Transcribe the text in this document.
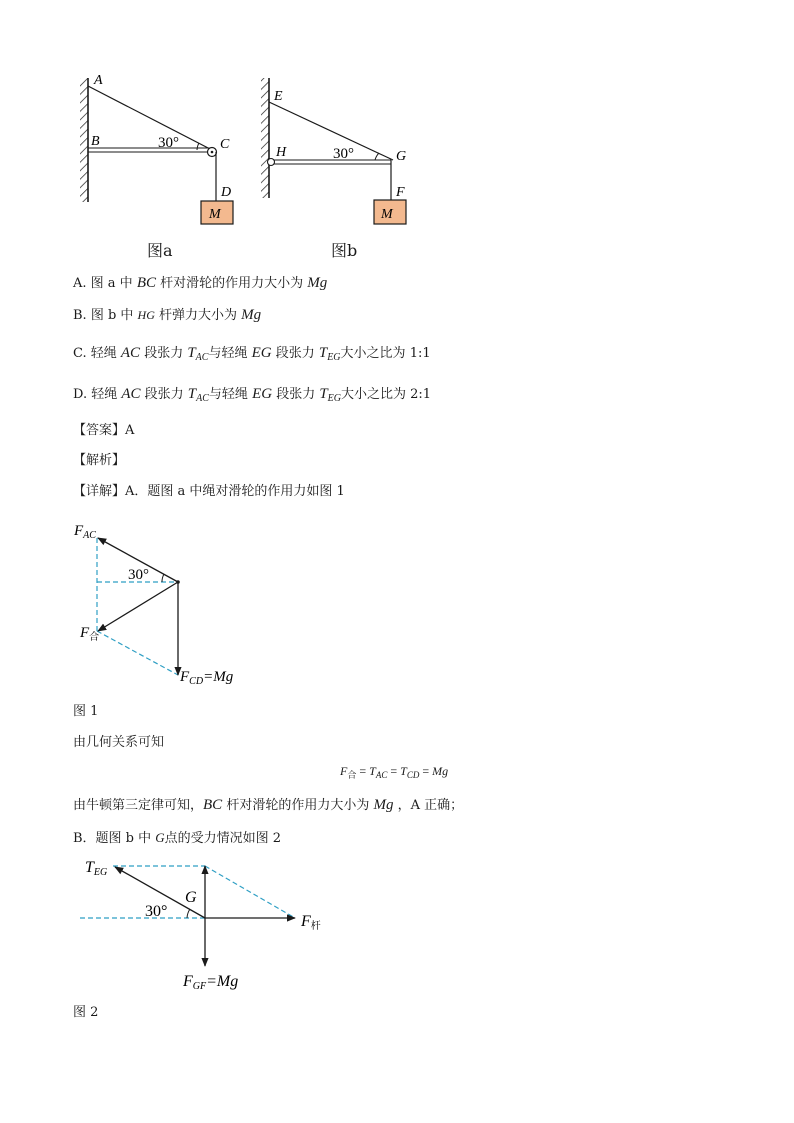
A
B	30°	C
D
M
图a
E
H	30°	G
F
M
图b

A. 图 a 中 BC 杆对滑轮的作用力大小为 Mg

B. 图 b 中 HG 杆弹力大小为 Mg

C. 轻绳 AC 段张力 $T_{AC}$与轻绳 EG 段张力 $T_{EG}$大小之比为 1:1

D. 轻绳 AC 段张力 $T_{AC}$与轻绳 EG 段张力 $T_{EG}$大小之比为 2:1

【答案】A

【解析】

【详解】A．题图 a 中绳对滑轮的作用力如图 1

$F_{AC}$
30°
$F_合$
$F_{CD}=Mg$

图 1

由几何关系可知

$F_合 = T_{AC} = T_{CD} = Mg$

由牛顿第三定律可知，BC 杆对滑轮的作用力大小为 Mg ，A 正确；

B．题图 b 中 G点的受力情况如图 2

TEG
G
30°
F杆
FGF=Mg

图 2
